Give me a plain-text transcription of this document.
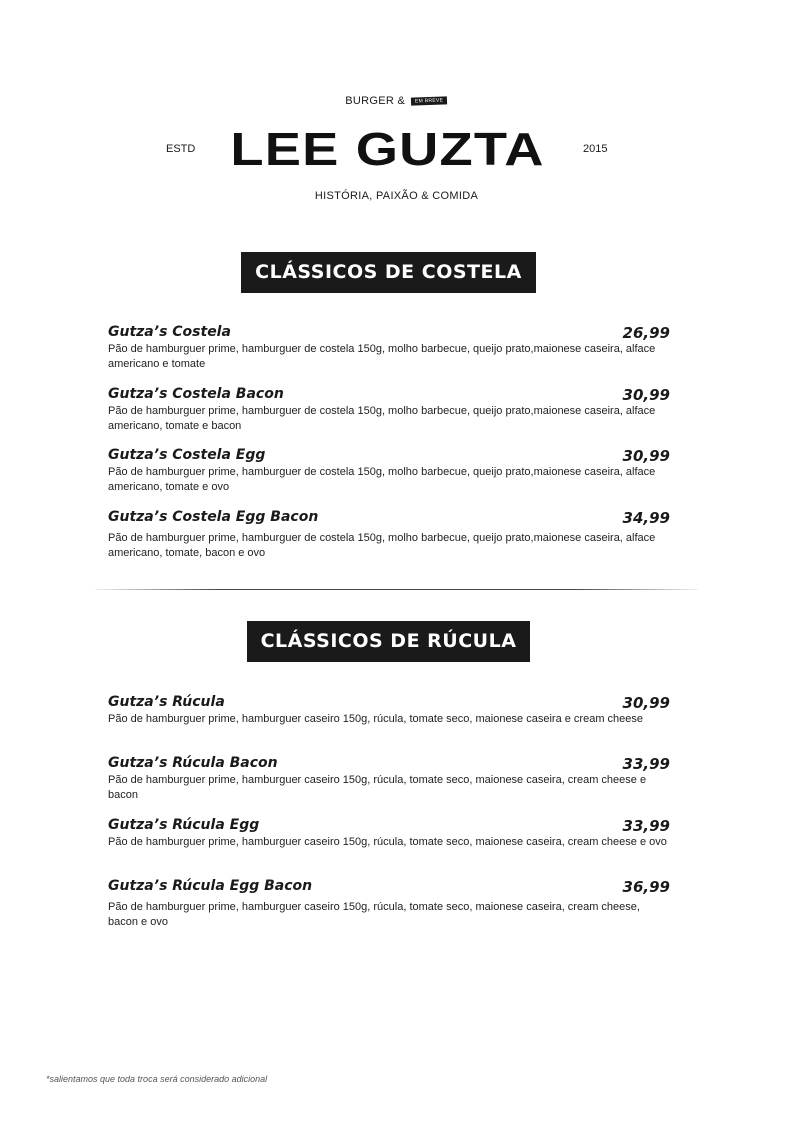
BURGER & EM BREVE
ESTD LEE GUZTA	2015
HISTÓRIA, PAIXÃO & COMIDA
CLÁSSICOS DE COSTELA
Gutza’s Costela	26,99
Pão de hamburguer prime, hamburguer de costela 150g, molho barbecue, queijo prato,maionese caseira, alface americano e tomate
Gutza’s Costela Bacon	30,99
Pão de hamburguer prime, hamburguer de costela 150g, molho barbecue, queijo prato,maionese caseira, alface americano, tomate e bacon
Gutza’s Costela Egg	30,99
Pão de hamburguer prime, hamburguer de costela 150g, molho barbecue, queijo prato,maionese caseira, alface americano, tomate e ovo
Gutza’s Costela Egg Bacon	34,99
Pão de hamburguer prime, hamburguer de costela 150g, molho barbecue, queijo prato,maionese caseira, alface americano, tomate, bacon e ovo
CLÁSSICOS DE RÚCULA
Gutza’s Rúcula	30,99
Pão de hamburguer prime, hamburguer caseiro 150g, rúcula, tomate seco, maionese caseira e cream cheese
Gutza’s Rúcula Bacon	33,99
Pão de hamburguer prime, hamburguer caseiro 150g, rúcula, tomate seco, maionese caseira, cream cheese e bacon
Gutza’s Rúcula Egg	33,99
Pão de hamburguer prime, hamburguer caseiro 150g, rúcula, tomate seco, maionese caseira, cream cheese e ovo
Gutza’s Rúcula Egg Bacon	36,99
Pão de hamburguer prime, hamburguer caseiro 150g, rúcula, tomate seco, maionese caseira, cream cheese, bacon e ovo
*salientamos que toda troca será considerado adicional
